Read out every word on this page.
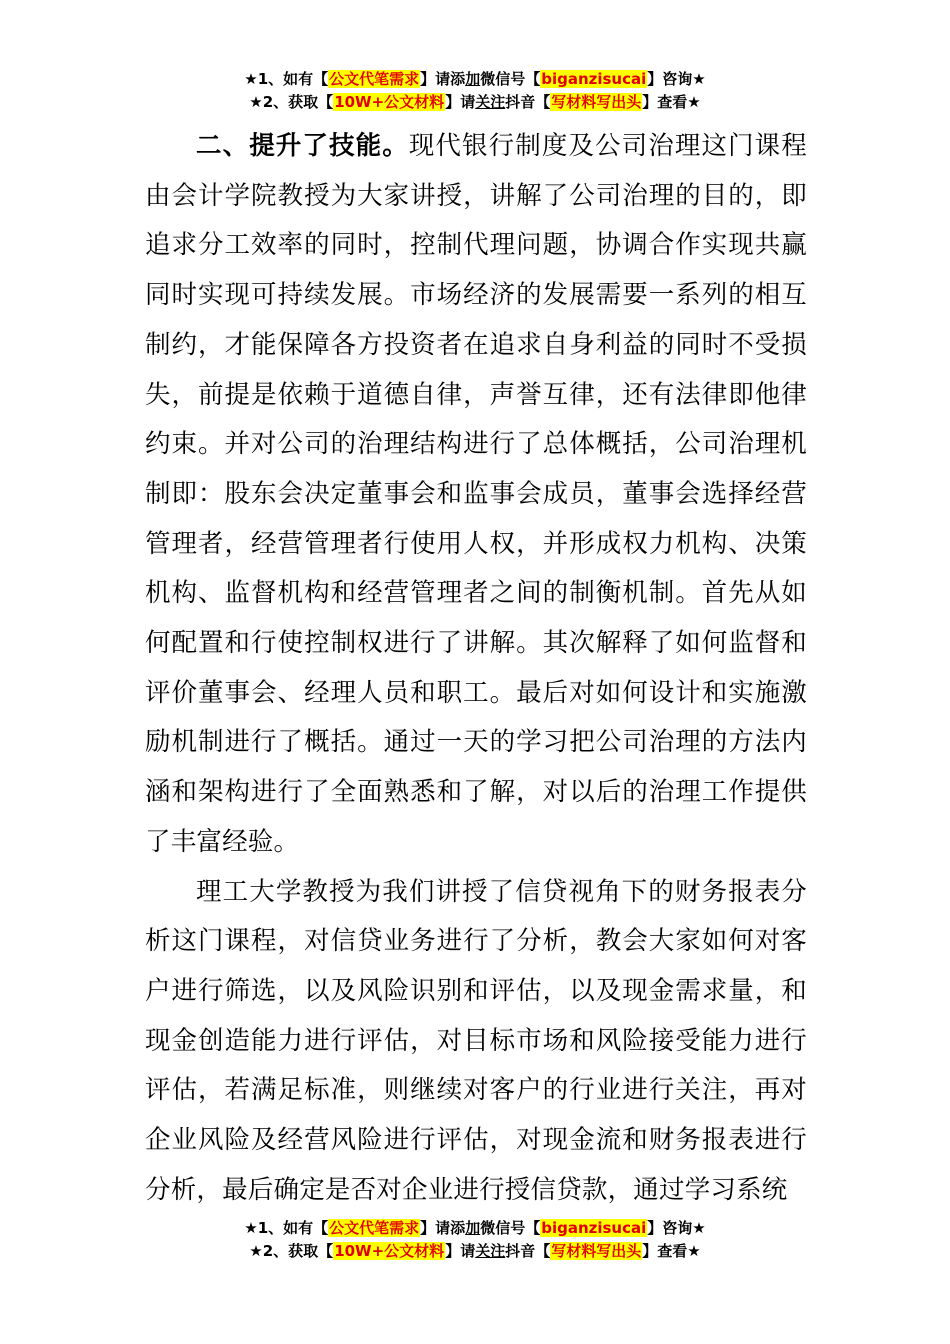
★1、如有【公文代笔需求】请添加微信号【biganzisucai】咨询★
★2、获取【10W+公文材料】请关注抖音【写材料写出头】查看★

二、提升了技能。现代银行制度及公司治理这门课程由会计学院教授为大家讲授，讲解了公司治理的目的，即追求分工效率的同时，控制代理问题，协调合作实现共赢同时实现可持续发展。市场经济的发展需要一系列的相互制约，才能保障各方投资者在追求自身利益的同时不受损失，前提是依赖于道德自律，声誉互律，还有法律即他律约束。并对公司的治理结构进行了总体概括，公司治理机制即：股东会决定董事会和监事会成员，董事会选择经营管理者，经营管理者行使用人权，并形成权力机构、决策机构、监督机构和经营管理者之间的制衡机制。首先从如何配置和行使控制权进行了讲解。其次解释了如何监督和评价董事会、经理人员和职工。最后对如何设计和实施激励机制进行了概括。通过一天的学习把公司治理的方法内涵和架构进行了全面熟悉和了解，对以后的治理工作提供了丰富经验。

理工大学教授为我们讲授了信贷视角下的财务报表分析这门课程，对信贷业务进行了分析，教会大家如何对客户进行筛选，以及风险识别和评估，以及现金需求量，和现金创造能力进行评估，对目标市场和风险接受能力进行评估，若满足标准，则继续对客户的行业进行关注，再对企业风险及经营风险进行评估，对现金流和财务报表进行分析，最后确定是否对企业进行授信贷款，通过学习系统

★1、如有【公文代笔需求】请添加微信号【biganzisucai】咨询★
★2、获取【10W+公文材料】请关注抖音【写材料写出头】查看★
